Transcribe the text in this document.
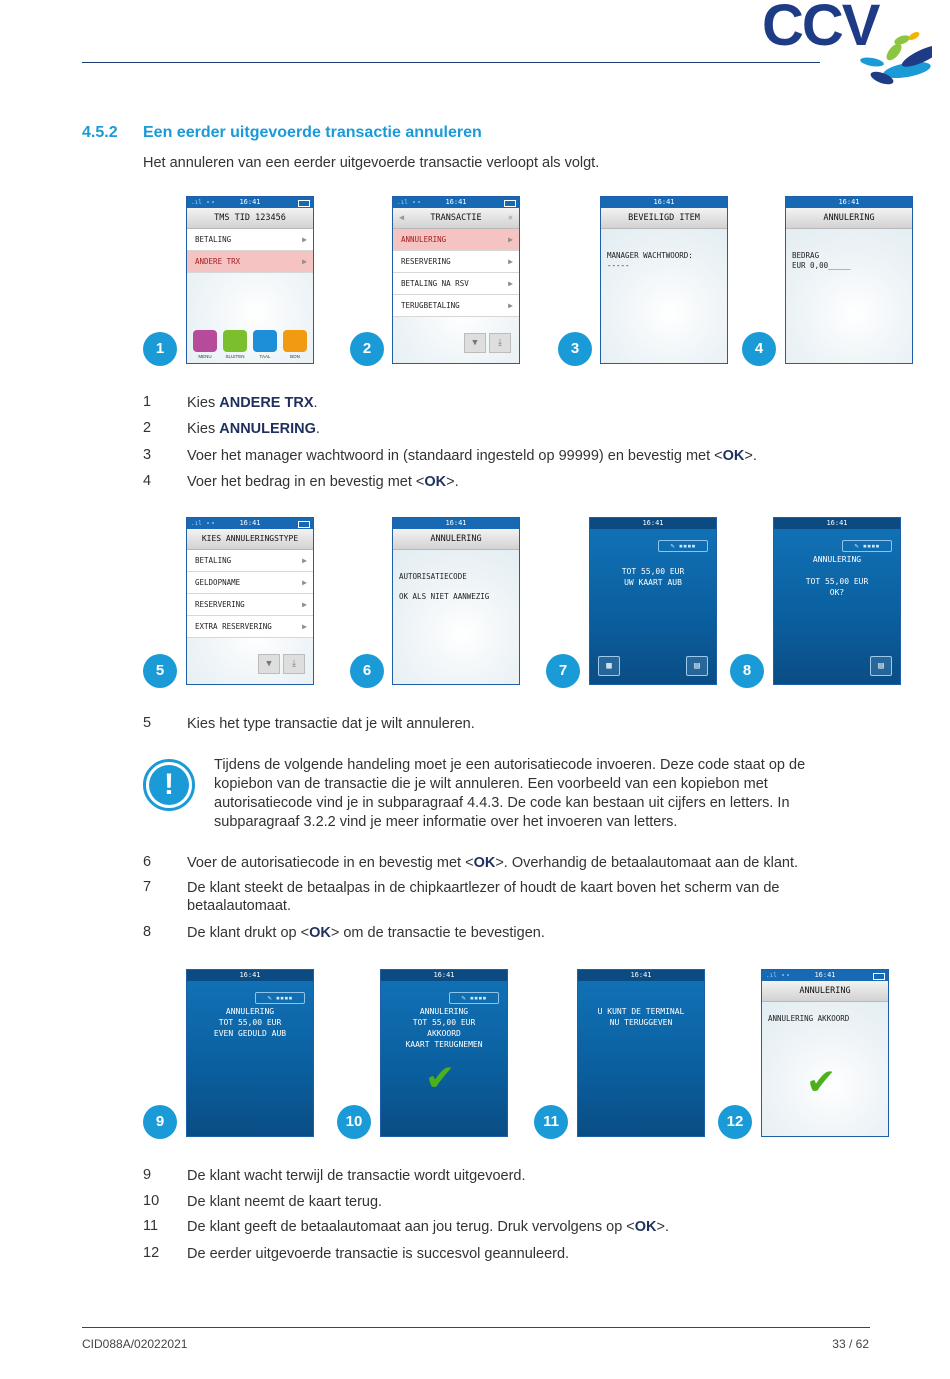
CCV
4.5.2 Een eerder uitgevoerde transactie annuleren
Het annuleren van een eerder uitgevoerde transactie verloopt als volgt.
.ıl ⚬⚬	16:41
TMS TID 123456
BETALING	▶
ANDERE TRX	▶
MENU	SLUITEN	TAAL	BON
.ıl ⚬⚬	16:41
◀	TRANSACTIE	✕
ANNULERING	▶
RESERVERING	▶
BETALING NA RSV	▶
TERUGBETALING	▶
▼	⤓
16:41
BEVEILIGD ITEM
MANAGER WACHTWOORD:
-----
16:41
ANNULERING
BEDRAG
EUR 0,00_____
1	2	3	4
1 Kies ANDERE TRX.
2 Kies ANNULERING.
3 Voer het manager wachtwoord in (standaard ingesteld op 99999) en bevestig met <OK>.
4 Voer het bedrag in en bevestig met <OK>.
.ıl ⚬⚬	16:41
KIES ANNULERINGSTYPE
BETALING	▶
GELDOPNAME	▶
RESERVERING	▶
EXTRA RESERVERING	▶
▼	⤓
16:41
ANNULERING
AUTORISATIECODE

OK ALS NIET AANWEZIG
16:41
✎ ▪▪▪▪
TOT 55,00 EUR
UW KAART AUB
▦	▤
16:41
✎ ▪▪▪▪
ANNULERING

TOT 55,00 EUR
OK?
▤
5	6	7	8
5 Kies het type transactie dat je wilt annuleren.
!
Tijdens de volgende handeling moet je een autorisatiecode invoeren. Deze code staat op de kopiebon van de transactie die je wilt annuleren. Een voorbeeld van een kopiebon met autorisatiecode vind je in subparagraaf 4.4.3. De code kan bestaan uit cijfers en letters. In subparagraaf 3.2.2 vind je meer informatie over het invoeren van letters.
6 Voer de autorisatiecode in en bevestig met <OK>. Overhandig de betaalautomaat aan de klant.
7 De klant steekt de betaalpas in de chipkaartlezer of houdt de kaart boven het scherm van de betaalautomaat.
8 De klant drukt op <OK> om de transactie te bevestigen.
16:41
✎ ▪▪▪▪
ANNULERING
TOT 55,00 EUR
EVEN GEDULD AUB
16:41
✎ ▪▪▪▪
ANNULERING
TOT 55,00 EUR
AKKOORD
KAART TERUGNEMEN
✔
16:41
U KUNT DE TERMINAL
NU TERUGGEVEN
.ıl ⚬⚬	16:41
ANNULERING
ANNULERING AKKOORD
✔
9	10	11	12
9 De klant wacht terwijl de transactie wordt uitgevoerd.
10 De klant neemt de kaart terug.
11 De klant geeft de betaalautomaat aan jou terug. Druk vervolgens op <OK>.
12 De eerder uitgevoerde transactie is succesvol geannuleerd.
CID088A/02022021	33 / 62
